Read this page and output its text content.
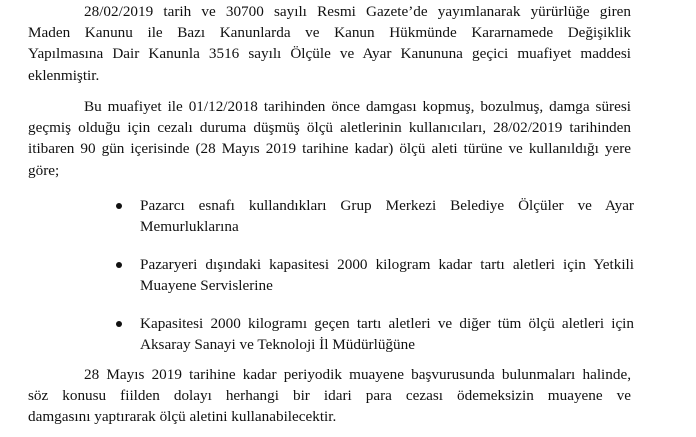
28/02/2019 tarih ve 30700 sayılı Resmi Gazete’de yayımlanarak yürürlüğe giren
Maden Kanunu ile Bazı Kanunlarda ve Kanun Hükmünde Kararnamede Değişiklik
Yapılmasına Dair Kanunla 3516 sayılı Ölçüle ve Ayar Kanununa geçici muafiyet maddesi
eklenmiştir.
Bu muafiyet ile 01/12/2018 tarihinden önce damgası kopmuş, bozulmuş, damga süresi
geçmiş olduğu için cezalı duruma düşmüş ölçü aletlerinin kullanıcıları, 28/02/2019 tarihinden
itibaren 90 gün içerisinde (28 Mayıs 2019 tarihine kadar) ölçü aleti türüne ve kullanıldığı yere
göre;
Pazarcı esnafı kullandıkları Grup Merkezi Belediye Ölçüler ve Ayar
Memurluklarına
Pazaryeri dışındaki kapasitesi 2000 kilogram kadar tartı aletleri için Yetkili
Muayene Servislerine
Kapasitesi 2000 kilogramı geçen tartı aletleri ve diğer tüm ölçü aletleri için
Aksaray Sanayi ve Teknoloji İl Müdürlüğüne
28 Mayıs 2019 tarihine kadar periyodik muayene başvurusunda bulunmaları halinde,
söz konusu fiilden dolayı herhangi bir idari para cezası ödemeksizin muayene ve
damgasını yaptırarak ölçü aletini kullanabilecektir.
